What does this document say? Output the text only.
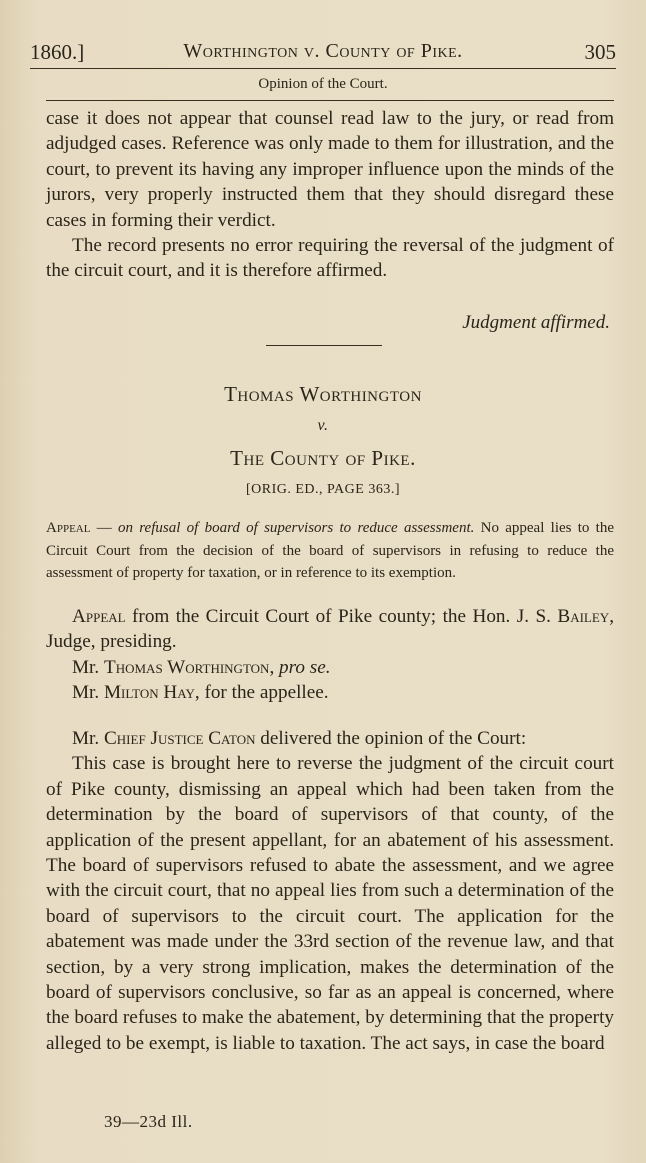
1860.]	Worthington v. County of Pike.	305
Opinion of the Court.

case it does not appear that counsel read law to the jury, or read from adjudged cases. Reference was only made to them for illustration, and the court, to prevent its having any improper influence upon the minds of the jurors, very properly instructed them that they should disregard these cases in forming their verdict.

The record presents no error requiring the reversal of the judgment of the circuit court, and it is therefore affirmed.

Judgment affirmed.
Thomas Worthington
v.
The County of Pike.
[ORIG. ED., PAGE 363.]

Appeal — on refusal of board of supervisors to reduce assessment. No appeal lies to the Circuit Court from the decision of the board of supervisors in refusing to reduce the assessment of property for taxation, or in reference to its exemption.

Appeal from the Circuit Court of Pike county; the Hon. J. S. Bailey, Judge, presiding.

Mr. Thomas Worthington, pro se.

Mr. Milton Hay, for the appellee.

Mr. Chief Justice Caton delivered the opinion of the Court:

This case is brought here to reverse the judgment of the circuit court of Pike county, dismissing an appeal which had been taken from the determination by the board of supervisors of that county, of the application of the present appellant, for an abatement of his assessment. The board of supervisors refused to abate the assessment, and we agree with the circuit court, that no appeal lies from such a determination of the board of supervisors to the circuit court. The application for the abatement was made under the 33rd section of the revenue law, and that section, by a very strong implication, makes the determination of the board of supervisors conclusive, so far as an appeal is concerned, where the board refuses to make the abatement, by determining that the property alleged to be exempt, is liable to taxation. The act says, in case the board

39—23d Ill.
